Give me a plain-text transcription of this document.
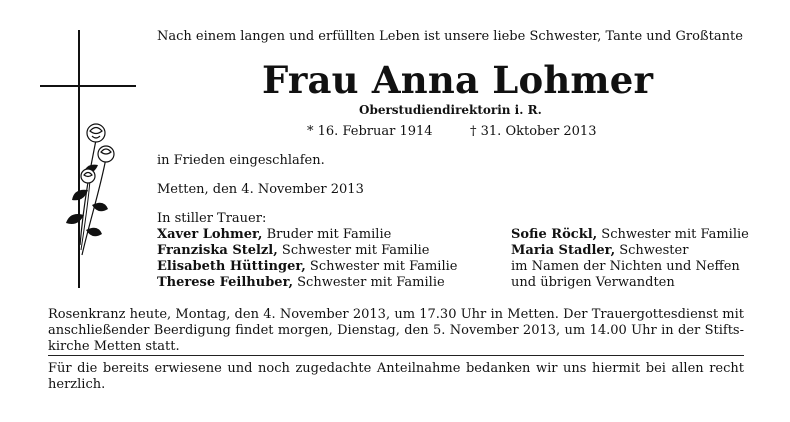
Nach einem langen und erfüllten Leben ist unsere liebe Schwester, Tante und Großtante
Frau Anna Lohmer
Oberstudiendirektorin i. R.
* 16. Februar 1914	† 31. Oktober 2013
in Frieden eingeschlafen.
Metten, den 4. November 2013
In stiller Trauer:
Xaver Lohmer, Bruder mit Familie
Franziska Stelzl, Schwester mit Familie
Elisabeth Hüttinger, Schwester mit Familie
Therese Feilhuber, Schwester mit Familie
Sofie Röckl, Schwester mit Familie
Maria Stadler, Schwester
im Namen der Nichten und Neffen
und übrigen Verwandten
Rosenkranz heute, Montag, den 4. November 2013, um 17.30 Uhr in Metten. Der Trauergottesdienst mit anschließender Beerdigung findet morgen, Dienstag, den 5. November 2013, um 14.00 Uhr in der Stiftskirche Metten statt.
Für die bereits erwiesene und noch zugedachte Anteilnahme bedanken wir uns hiermit bei allen recht herzlich.
